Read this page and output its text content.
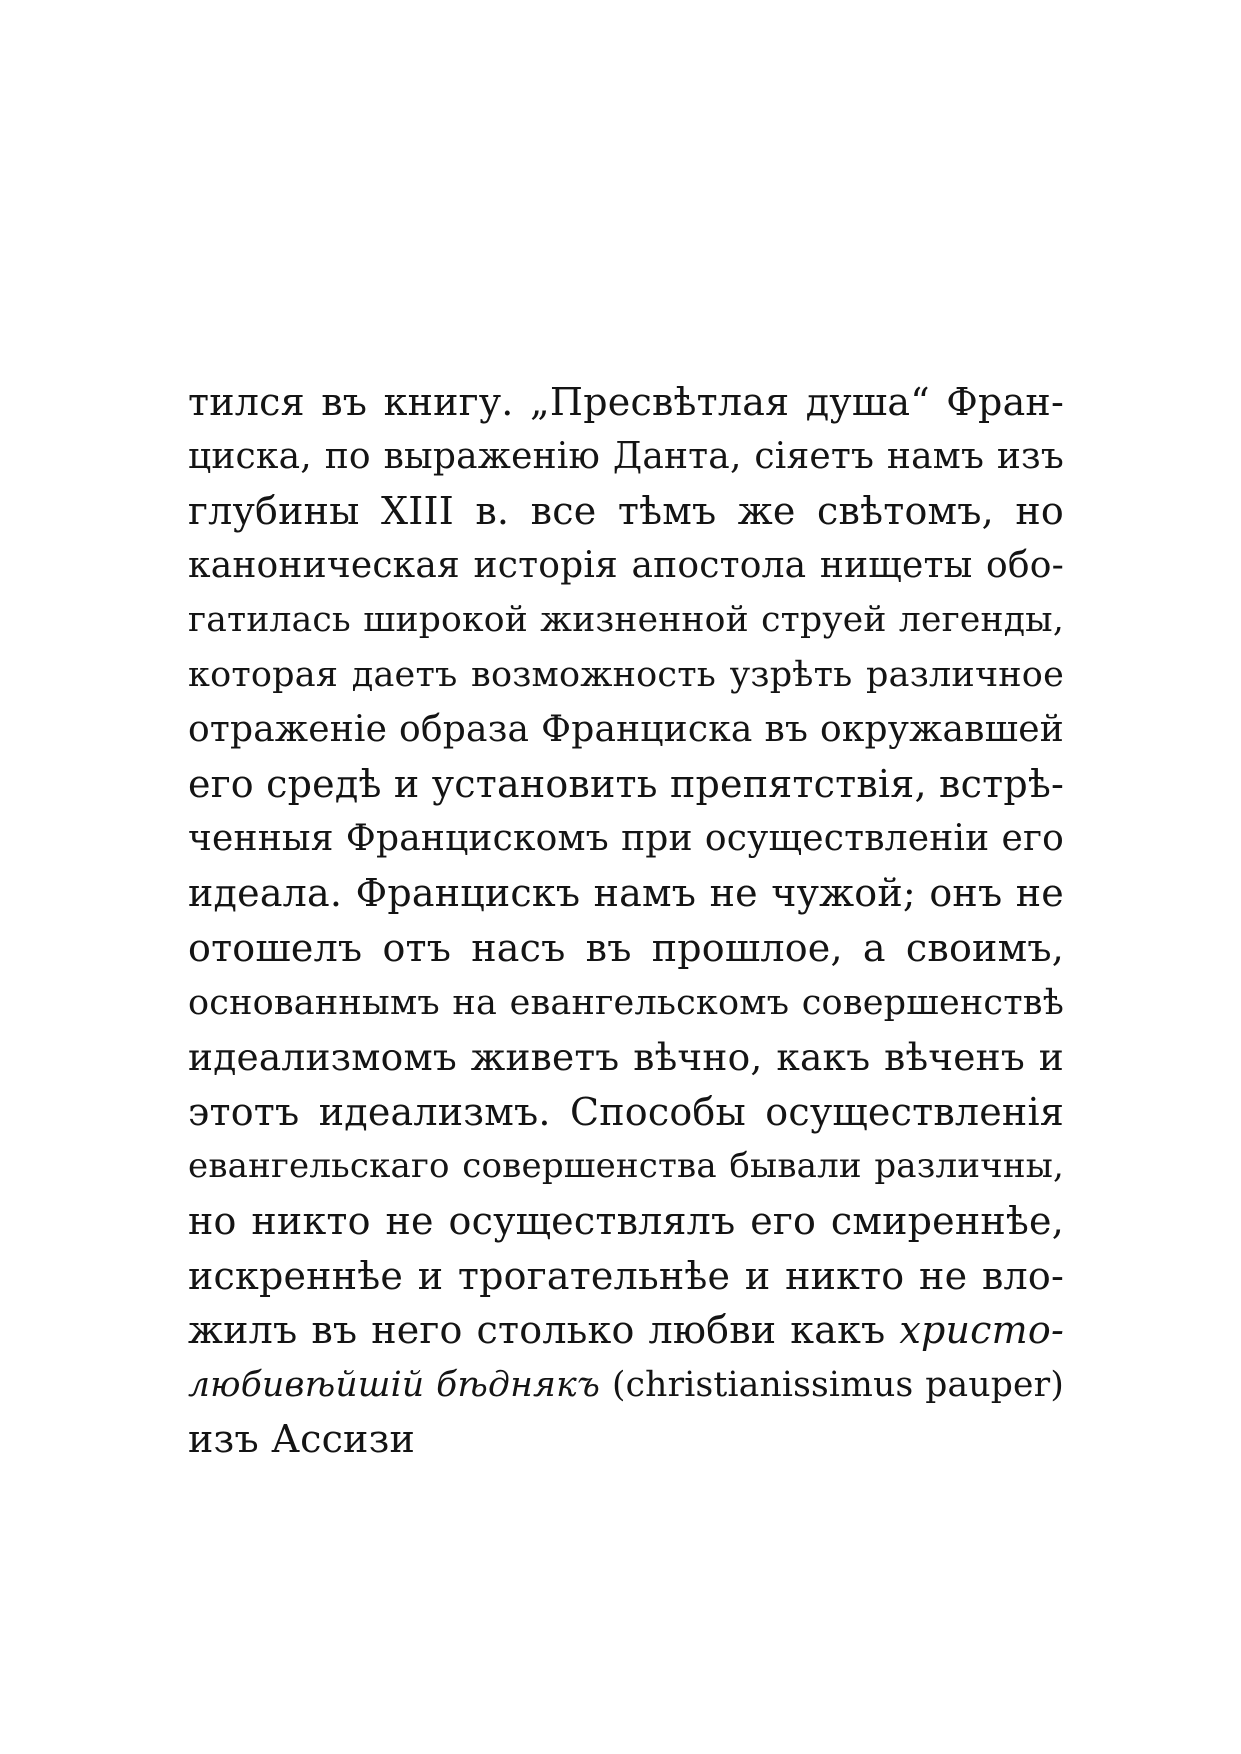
тился въ книгу. „Пресвѣтлая душа“ Фран-
циска, по выраженію Данта, сіяетъ намъ изъ
глубины XIII в. все тѣмъ же свѣтомъ, но
каноническая исторія апостола нищеты обо-
гатилась широкой жизненной струей легенды,
которая даетъ возможность узрѣть различное
отраженіе образа Франциска въ окружавшей
его средѣ и установить препятствія, встрѣ-
ченныя Францискомъ при осуществленіи его
идеала. Францискъ намъ не чужой; онъ не
отошелъ отъ насъ въ прошлое, а своимъ,
основаннымъ на евангельскомъ совершенствѣ
идеализмомъ живетъ вѣчно, какъ вѣченъ и
этотъ идеализмъ. Способы осуществленія
евангельскаго совершенства бывали различны,
но никто не осуществлялъ его смиреннѣе,
искреннѣе и трогательнѣе и никто не вло-
жилъ въ него столько любви какъ христо-
любивѣйшій бѣднякъ (christianissimus pauper)
изъ Ассизи
